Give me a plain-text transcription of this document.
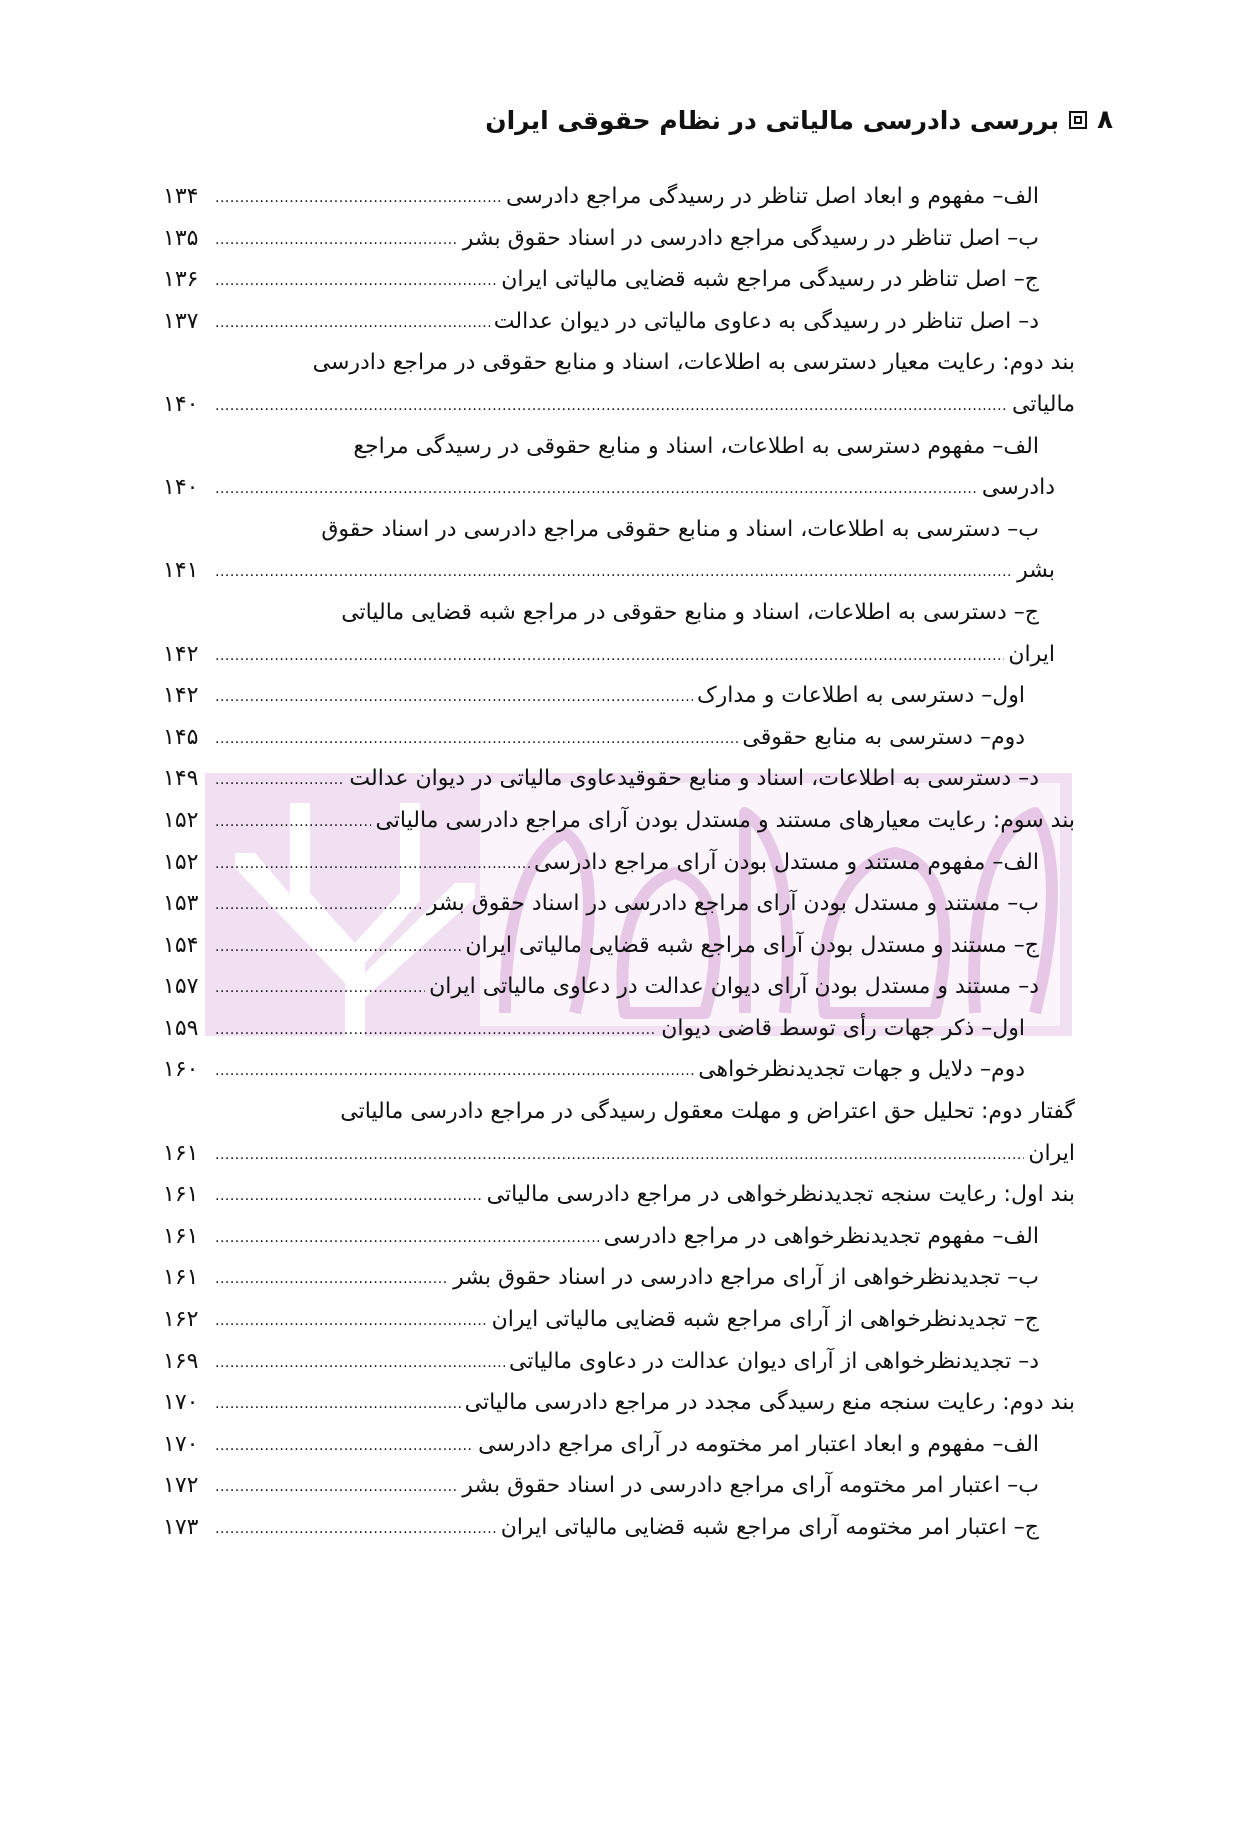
۸
بررسی دادرسی مالیاتی در نظام حقوقی ایران
الف– مفهوم و ابعاد اصل تناظر در رسیدگی مراجع دادرسی
.....
۱۳۴
ب– اصل تناظر در رسیدگی مراجع دادرسی در اسناد حقوق بشر
.....
۱۳۵
ج– اصل تناظر در رسیدگی مراجع شبه قضایی مالیاتی ایران
.....
۱۳۶
د– اصل تناظر در رسیدگی به دعاوی مالیاتی در دیوان عدالت
.....
۱۳۷
بند دوم: رعایت معیار دسترسی به اطلاعات، اسناد و منابع حقوقی در مراجع دادرسی
مالیاتی
.....
۱۴۰
الف– مفهوم دسترسی به اطلاعات، اسناد و منابع حقوقی در رسیدگی مراجع
دادرسی
.....
۱۴۰
ب– دسترسی به اطلاعات، اسناد و منابع حقوقی مراجع دادرسی در اسناد حقوق
بشر
.....
۱۴۱
ج– دسترسی به اطلاعات، اسناد و منابع حقوقی در مراجع شبه قضایی مالیاتی
ایران
.....
۱۴۲
اول– دسترسی به اطلاعات و مدارک
.....
۱۴۲
دوم– دسترسی به منابع حقوقی
.....
۱۴۵
د– دسترسی به اطلاعات، اسناد و منابع حقوقیدعاوی مالیاتی در دیوان عدالت
.....
۱۴۹
بند سوم: رعایت معیارهای مستند و مستدل بودن آرای مراجع دادرسی مالیاتی
.....
۱۵۲
الف– مفهوم مستند و مستدل بودن آرای مراجع دادرسی
.....
۱۵۲
ب– مستند و مستدل بودن آرای مراجع دادرسی در اسناد حقوق بشر
.....
۱۵۳
ج– مستند و مستدل بودن آرای مراجع شبه قضایی مالیاتی ایران
.....
۱۵۴
د– مستند و مستدل بودن آرای دیوان عدالت در دعاوی مالیاتی ایران
.....
۱۵۷
اول– ذکر جهات رأی توسط قاضی دیوان
.....
۱۵۹
دوم– دلایل و جهات تجدیدنظرخواهی
.....
۱۶۰
گفتار دوم: تحلیل حق اعتراض و مهلت معقول رسیدگی در مراجع دادرسی مالیاتی
ایران
.....
۱۶۱
بند اول: رعایت سنجه تجدیدنظرخواهی در مراجع دادرسی مالیاتی
.....
۱۶۱
الف– مفهوم تجدیدنظرخواهی در مراجع دادرسی
.....
۱۶۱
ب– تجدیدنظرخواهی از آرای مراجع دادرسی در اسناد حقوق بشر
.....
۱۶۱
ج– تجدیدنظرخواهی از آرای مراجع شبه قضایی مالیاتی ایران
.....
۱۶۲
د– تجدیدنظرخواهی از آرای دیوان عدالت در دعاوی مالیاتی
.....
۱۶۹
بند دوم: رعایت سنجه منع رسیدگی مجدد در مراجع دادرسی مالیاتی
.....
۱۷۰
الف– مفهوم و ابعاد اعتبار امر مختومه در آرای مراجع دادرسی
.....
۱۷۰
ب– اعتبار امر مختومه آرای مراجع دادرسی در اسناد حقوق بشر
.....
۱۷۲
ج– اعتبار امر مختومه آرای مراجع شبه قضایی مالیاتی ایران
.....
۱۷۳
